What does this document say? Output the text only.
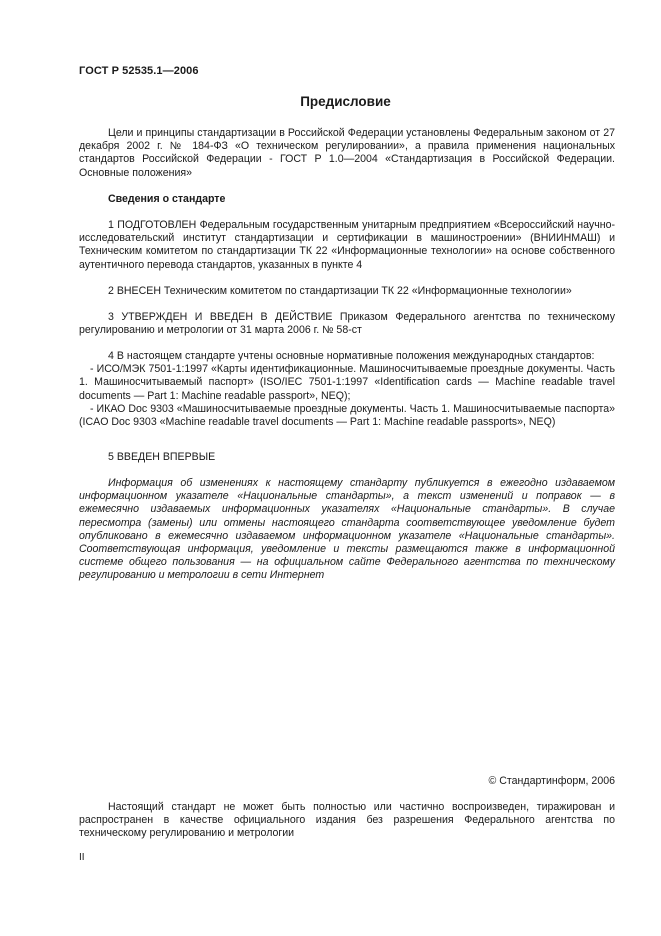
ГОСТ Р 52535.1—2006
Предисловие

Цели и принципы стандартизации в Российской Федерации установлены Федеральным законом от 27 декабря 2002 г. № 184-ФЗ «О техническом регулировании», а правила применения национальных стандартов Российской Федерации - ГОСТ Р 1.0—2004 «Стандартизация в Российской Федерации. Основные положения»

Сведения о стандарте

1 ПОДГОТОВЛЕН Федеральным государственным унитарным предприятием «Всероссийский научно-исследовательский институт стандартизации и сертификации в машиностроении» (ВНИИНМАШ) и Техническим комитетом по стандартизации ТК 22 «Информационные технологии» на основе собственного аутентичного перевода стандартов, указанных в пункте 4

2 ВНЕСЕН Техническим комитетом по стандартизации ТК 22 «Информационные технологии»

3 УТВЕРЖДЕН И ВВЕДЕН В ДЕЙСТВИЕ Приказом Федерального агентства по техническому регулированию и метрологии от 31 марта 2006 г. № 58-ст

4 В настоящем стандарте учтены основные нормативные положения международных стандартов:

- ИСО/МЭК 7501-1:1997 «Карты идентификационные. Машиносчитываемые проездные документы. Часть 1. Машиносчитываемый паспорт» (ISO/IEC 7501-1:1997 «Identification cards — Machine readable travel documents — Part 1: Machine readable passport», NEQ);

- ИКАО Doc 9303 «Машиносчитываемые проездные документы. Часть 1. Машиносчитываемые паспорта» (ICAO Doc 9303 «Machine readable travel documents — Part 1: Machine readable passports», NEQ)

5 ВВЕДЕН ВПЕРВЫЕ

Информация об изменениях к настоящему стандарту публикуется в ежегодно издаваемом информационном указателе «Национальные стандарты», а текст изменений и поправок — в ежемесячно издаваемых информационных указателях «Национальные стандарты». В случае пересмотра (замены) или отмены настоящего стандарта соответствующее уведомление будет опубликовано в ежемесячно издаваемом информационном указателе «Национальные стандарты». Соответствующая информация, уведомление и тексты размещаются также в информационной системе общего пользования — на официальном сайте Федерального агентства по техническому регулированию и метрологии в сети Интернет

© Стандартинформ, 2006

Настоящий стандарт не может быть полностью или частично воспроизведен, тиражирован и распространен в качестве официального издания без разрешения Федерального агентства по техническому регулированию и метрологии

II
